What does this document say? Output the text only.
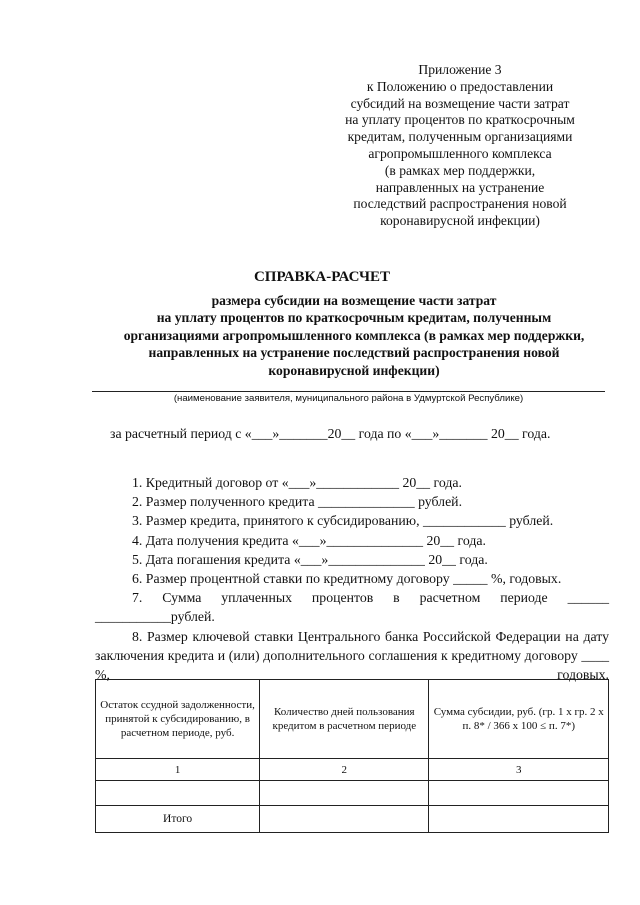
Приложение 3
к Положению о предоставлении
субсидий на возмещение части затрат
на уплату процентов по краткосрочным
кредитам, полученным организациями
агропромышленного комплекса
(в рамках мер поддержки,
направленных на устранение
последствий распространения новой
коронавирусной инфекции)
СПРАВКА-РАСЧЕТ
размера субсидии на возмещение части затрат
на уплату процентов по краткосрочным кредитам, полученным
организациями агропромышленного комплекса (в рамках мер поддержки,
направленных на устранение последствий распространения новой
коронавирусной инфекции)
(наименование заявителя, муниципального района в Удмуртской Республике)
за расчетный период с «___»_______20__ года по «___»_______ 20__ года.
1. Кредитный договор от «___»____________ 20__ года.
2. Размер полученного кредита ______________ рублей.
3. Размер кредита, принятого к субсидированию, ____________ рублей.
4. Дата получения кредита «___»______________ 20__ года.
5. Дата погашения кредита «___»______________ 20__ года.
6. Размер процентной ставки по кредитному договору _____ %, годовых.
7. Сумма уплаченных процентов в расчетном периоде ______
___________рублей.
8. Размер ключевой ставки Центрального банка Российской Федерации на дату заключения кредита и (или) дополнительного соглашения к кредитному договору ____ %, годовых.
Остаток ссудной задолженности, принятой к субсидированию, в расчетном периоде, руб.	Количество дней пользования кредитом в расчетном периоде	Сумма субсидии, руб. (гр. 1 х гр. 2 х п. 8* / 366 х 100 ≤ п. 7*)
1	2	3

Итого		
